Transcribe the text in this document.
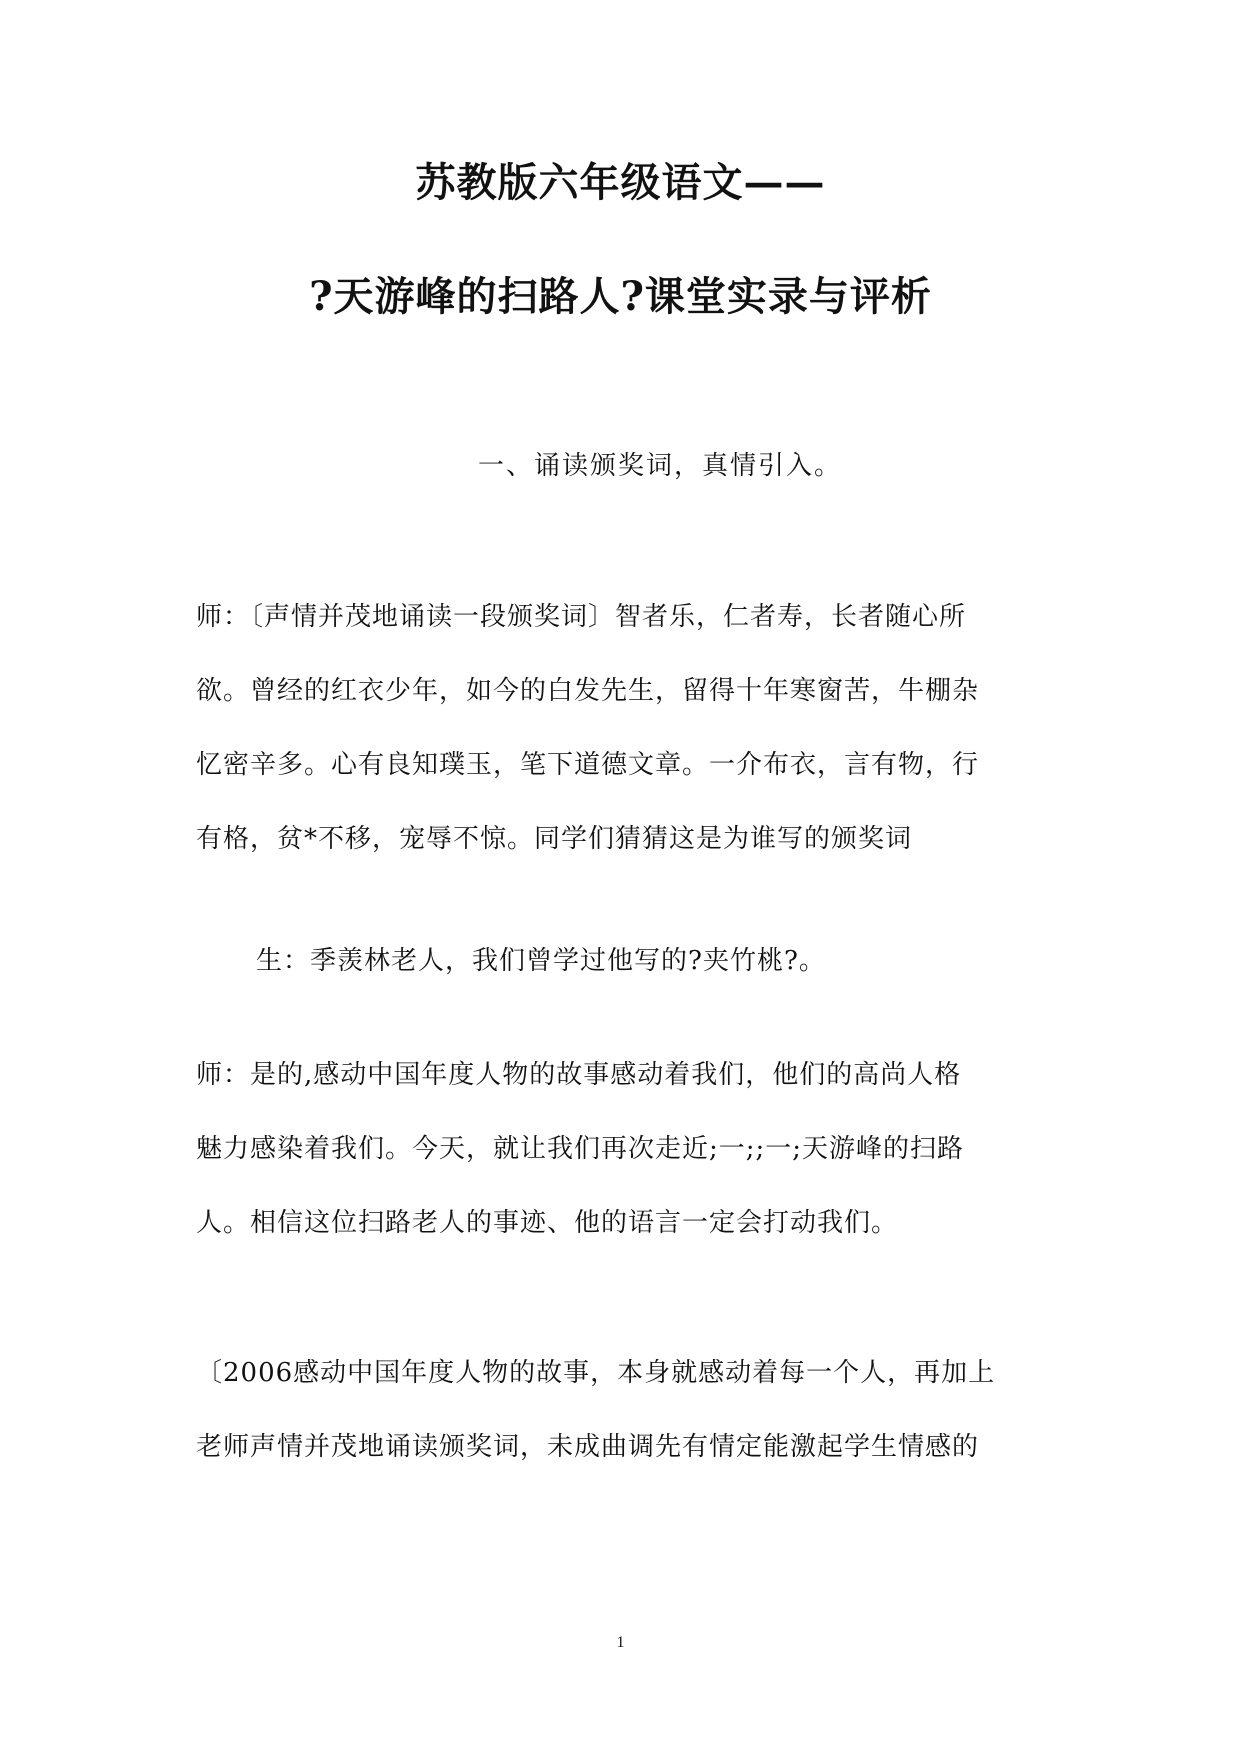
苏教版六年级语文——
?天游峰的扫路人?课堂实录与评析
一、诵读颁奖词，真情引入。
师：〔声情并茂地诵读一段颁奖词〕智者乐，仁者寿，长者随心所
欲。曾经的红衣少年，如今的白发先生，留得十年寒窗苦，牛棚杂
忆密辛多。心有良知璞玉，笔下道德文章。一介布衣，言有物，行
有格，贫*不移，宠辱不惊。同学们猜猜这是为谁写的颁奖词
生：季羡林老人，我们曾学过他写的?夹竹桃?。
师：是的,感动中国年度人物的故事感动着我们，他们的高尚人格
魅力感染着我们。今天，就让我们再次走近;一;;一;天游峰的扫路
人。相信这位扫路老人的事迹、他的语言一定会打动我们。
〔2006感动中国年度人物的故事，本身就感动着每一个人，再加上
老师声情并茂地诵读颁奖词，未成曲调先有情定能激起学生情感的
1
